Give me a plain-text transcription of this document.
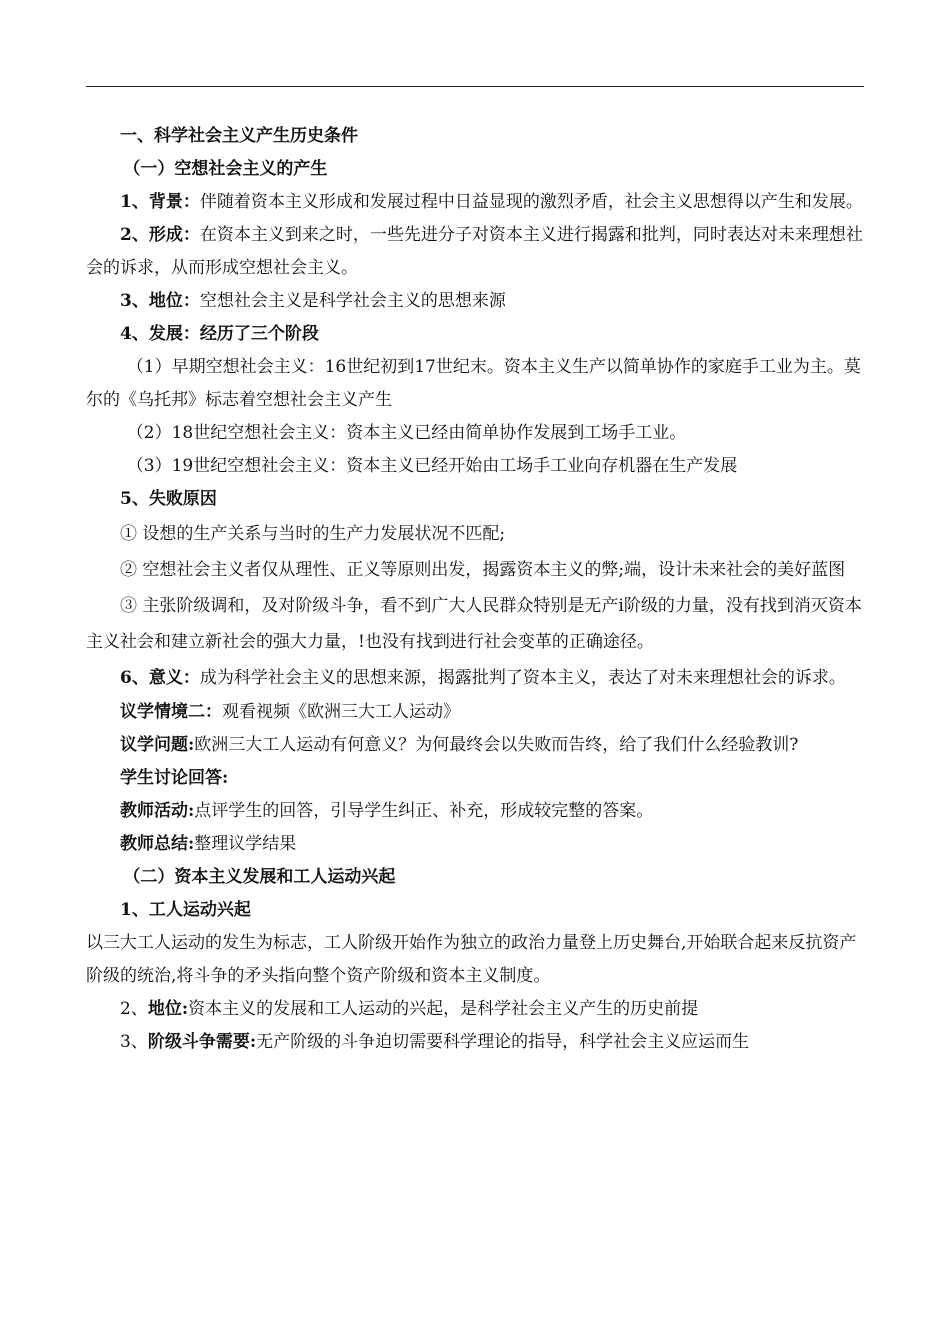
一、科学社会主义产生历史条件

（一）空想社会主义的产生

1、背景：伴随着资本主义形成和发展过程中日益显现的激烈矛盾，社会主义思想得以产生和发展。

2、形成：在资本主义到来之时，一些先进分子对资本主义进行揭露和批判，同时表达对未来理想社会的诉求，从而形成空想社会主义。

3、地位：空想社会主义是科学社会主义的思想来源

4、发展：经历了三个阶段

（1）早期空想社会主义：16世纪初到17世纪末。资本主义生产以简单协作的家庭手工业为主。莫尔的《乌托邦》标志着空想社会主义产生

（2）18世纪空想社会主义：资本主义已经由简单协作发展到工场手工业。

（3）19世纪空想社会主义：资本主义已经开始由工场手工业向存机器在生产发展

5、失败原因

① 设想的生产关系与当时的生产力发展状况不匹配;

② 空想社会主义者仅从理性、正义等原则出发，揭露资本主义的弊;端，设计未来社会的美好蓝图

③ 主张阶级调和，及对阶级斗争，看不到广大人民群众特别是无产i阶级的力量，没有找到消灭资本主义社会和建立新社会的强大力量，!也没有找到进行社会变革的正确途径。

6、意义：成为科学社会主义的思想来源，揭露批判了资本主义，表达了对未来理想社会的诉求。

议学情境二：观看视频《欧洲三大工人运动》

议学问题:欧洲三大工人运动有何意义？为何最终会以失败而告终，给了我们什么经验教训?

学生讨论回答:

教师活动:点评学生的回答，引导学生纠正、补充，形成较完整的答案。

教师总结:整理议学结果

（二）资本主义发展和工人运动兴起

1、工人运动兴起

以三大工人运动的发生为标志，工人阶级开始作为独立的政治力量登上历史舞台,开始联合起来反抗资产阶级的统治,将斗争的矛头指向整个资产阶级和资本主义制度。

2、地位:资本主义的发展和工人运动的兴起，是科学社会主义产生的历史前提

3、阶级斗争需要:无产阶级的斗争迫切需要科学理论的指导，科学社会主义应运而生
